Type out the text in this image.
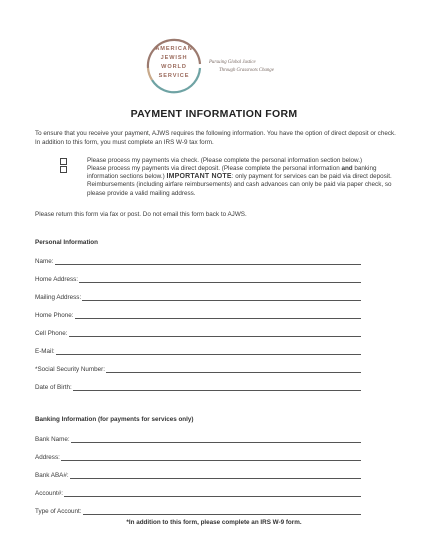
AMERICAN
JEWISH
WORLD
SERVICE
Pursuing Global Justice
Through Grassroots Change
PAYMENT INFORMATION FORM
To ensure that you receive your payment, AJWS requires the following information. You have the option of direct deposit or check. In addition to this form, you must complete an IRS W-9 tax form.
Please process my payments via check. (Please complete the personal information section below.)
Please process my payments via direct deposit. (Please complete the personal information and banking information sections below.) IMPORTANT NOTE: only payment for services can be paid via direct deposit. Reimbursements (including airfare reimbursements) and cash advances can only be paid via paper check, so please provide a valid mailing address.
Please return this form via fax or post. Do not email this form back to AJWS.
Personal Information
Name:
Home Address:
Mailing Address:
Home Phone:
Cell Phone:
E-Mail:
*Social Security Number:
Date of Birth:
Banking Information (for payments for services only)
Bank Name:
Address:
Bank ABA#:
Account#:
Type of Account:
*In addition to this form, please complete an IRS W-9 form.
